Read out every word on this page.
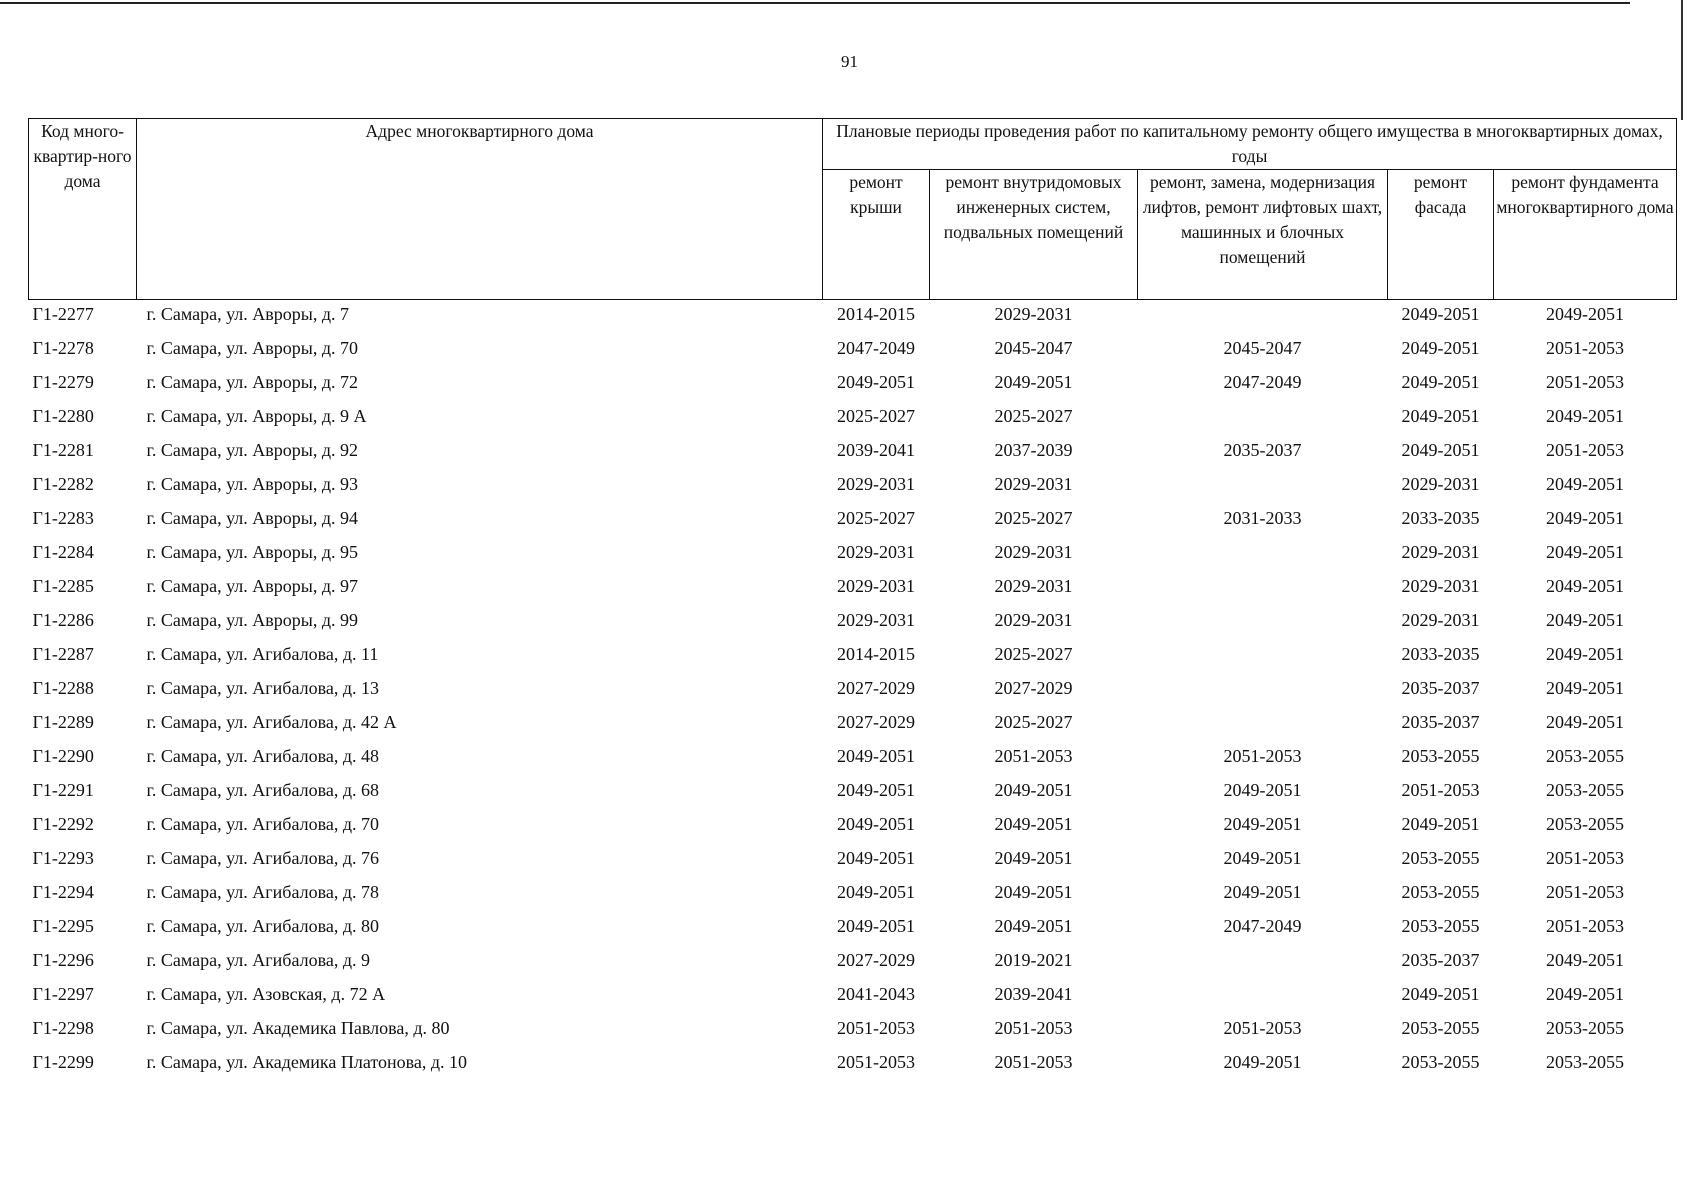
91
Код много-квартир-ного дома	Адрес многоквартирного дома	Плановые периоды проведения работ по капитальному ремонту общего имущества в многоквартирных домах, годы				
		ремонт крыши	ремонт внутридомовых инженерных систем, подвальных помещений	ремонт, замена, модернизация лифтов, ремонт лифтовых шахт, машинных и блочных помещений	ремонт фасада	ремонт фундамента многоквартирного дома
Г1-2277	г. Самара, ул. Авроры, д. 7	2014-2015	2029-2031		2049-2051	2049-2051
Г1-2278	г. Самара, ул. Авроры, д. 70	2047-2049	2045-2047	2045-2047	2049-2051	2051-2053
Г1-2279	г. Самара, ул. Авроры, д. 72	2049-2051	2049-2051	2047-2049	2049-2051	2051-2053
Г1-2280	г. Самара, ул. Авроры, д. 9 А	2025-2027	2025-2027		2049-2051	2049-2051
Г1-2281	г. Самара, ул. Авроры, д. 92	2039-2041	2037-2039	2035-2037	2049-2051	2051-2053
Г1-2282	г. Самара, ул. Авроры, д. 93	2029-2031	2029-2031		2029-2031	2049-2051
Г1-2283	г. Самара, ул. Авроры, д. 94	2025-2027	2025-2027	2031-2033	2033-2035	2049-2051
Г1-2284	г. Самара, ул. Авроры, д. 95	2029-2031	2029-2031		2029-2031	2049-2051
Г1-2285	г. Самара, ул. Авроры, д. 97	2029-2031	2029-2031		2029-2031	2049-2051
Г1-2286	г. Самара, ул. Авроры, д. 99	2029-2031	2029-2031		2029-2031	2049-2051
Г1-2287	г. Самара, ул. Агибалова, д. 11	2014-2015	2025-2027		2033-2035	2049-2051
Г1-2288	г. Самара, ул. Агибалова, д. 13	2027-2029	2027-2029		2035-2037	2049-2051
Г1-2289	г. Самара, ул. Агибалова, д. 42 А	2027-2029	2025-2027		2035-2037	2049-2051
Г1-2290	г. Самара, ул. Агибалова, д. 48	2049-2051	2051-2053	2051-2053	2053-2055	2053-2055
Г1-2291	г. Самара, ул. Агибалова, д. 68	2049-2051	2049-2051	2049-2051	2051-2053	2053-2055
Г1-2292	г. Самара, ул. Агибалова, д. 70	2049-2051	2049-2051	2049-2051	2049-2051	2053-2055
Г1-2293	г. Самара, ул. Агибалова, д. 76	2049-2051	2049-2051	2049-2051	2053-2055	2051-2053
Г1-2294	г. Самара, ул. Агибалова, д. 78	2049-2051	2049-2051	2049-2051	2053-2055	2051-2053
Г1-2295	г. Самара, ул. Агибалова, д. 80	2049-2051	2049-2051	2047-2049	2053-2055	2051-2053
Г1-2296	г. Самара, ул. Агибалова, д. 9	2027-2029	2019-2021		2035-2037	2049-2051
Г1-2297	г. Самара, ул. Азовская, д. 72 А	2041-2043	2039-2041		2049-2051	2049-2051
Г1-2298	г. Самара, ул. Академика Павлова, д. 80	2051-2053	2051-2053	2051-2053	2053-2055	2053-2055
Г1-2299	г. Самара, ул. Академика Платонова, д. 10	2051-2053	2051-2053	2049-2051	2053-2055	2053-2055
